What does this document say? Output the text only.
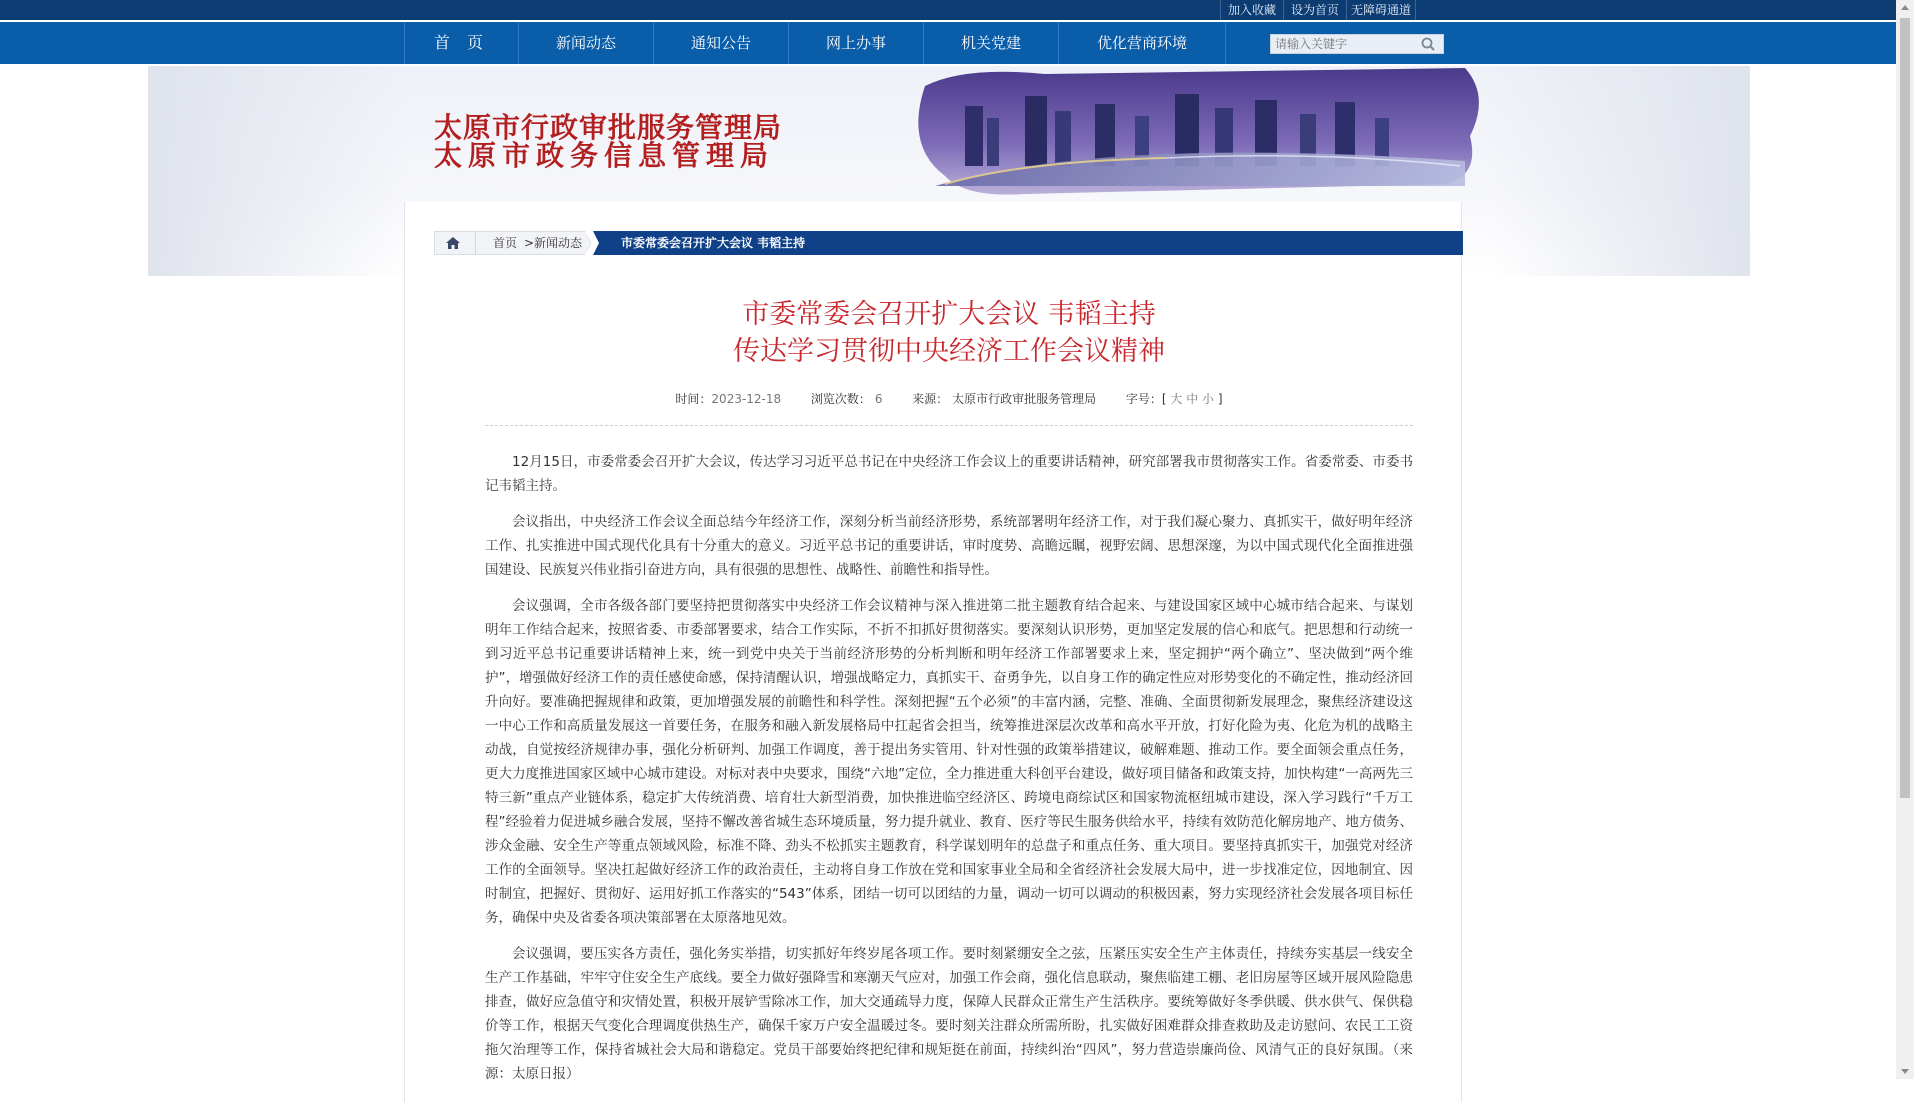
加入收藏	设为首页 无障碍通道
首 页	新闻动态	通知公告	网上办事	机关党建	优化营商环境
请输入关键字
太原市行政审批服务管理局
太原市政务信息管理局
首页 > 新闻动态	市委常委会召开扩大会议 韦韬主持
市委常委会召开扩大会议 韦韬主持
传达学习贯彻中央经济工作会议精神
时间：2023-12-18 浏览次数： 6 来源： 太原市行政审批服务管理局 字号：[ 大 中 小 ]

12月15日，市委常委会召开扩大会议，传达学习习近平总书记在中央经济工作会议上的重要讲话精神，研究部署我市贯彻落实工作。省委常委、市委书记韦韬主持。

会议指出，中央经济工作会议全面总结今年经济工作，深刻分析当前经济形势，系统部署明年经济工作，对于我们凝心聚力、真抓实干，做好明年经济工作、扎实推进中国式现代化具有十分重大的意义。习近平总书记的重要讲话，审时度势、高瞻远瞩，视野宏阔、思想深邃，为以中国式现代化全面推进强国建设、民族复兴伟业指引奋进方向，具有很强的思想性、战略性、前瞻性和指导性。

会议强调，全市各级各部门要坚持把贯彻落实中央经济工作会议精神与深入推进第二批主题教育结合起来、与建设国家区域中心城市结合起来、与谋划明年工作结合起来，按照省委、市委部署要求，结合工作实际，不折不扣抓好贯彻落实。要深刻认识形势，更加坚定发展的信心和底气。把思想和行动统一到习近平总书记重要讲话精神上来，统一到党中央关于当前经济形势的分析判断和明年经济工作部署要求上来，坚定拥护“两个确立”、坚决做到“两个维护”，增强做好经济工作的责任感使命感，保持清醒认识，增强战略定力，真抓实干、奋勇争先，以自身工作的确定性应对形势变化的不确定性，推动经济回升向好。要准确把握规律和政策，更加增强发展的前瞻性和科学性。深刻把握“五个必须”的丰富内涵，完整、准确、全面贯彻新发展理念，聚焦经济建设这一中心工作和高质量发展这一首要任务，在服务和融入新发展格局中扛起省会担当，统筹推进深层次改革和高水平开放，打好化险为夷、化危为机的战略主动战，自觉按经济规律办事，强化分析研判、加强工作调度，善于提出务实管用、针对性强的政策举措建议，破解难题、推动工作。要全面领会重点任务，更大力度推进国家区域中心城市建设。对标对表中央要求，围绕“六地”定位，全力推进重大科创平台建设，做好项目储备和政策支持，加快构建“一高两先三特三新”重点产业链体系，稳定扩大传统消费、培育壮大新型消费，加快推进临空经济区、跨境电商综试区和国家物流枢纽城市建设，深入学习践行“千万工程”经验着力促进城乡融合发展，坚持不懈改善省城生态环境质量，努力提升就业、教育、医疗等民生服务供给水平，持续有效防范化解房地产、地方债务、涉众金融、安全生产等重点领域风险，标准不降、劲头不松抓实主题教育，科学谋划明年的总盘子和重点任务、重大项目。要坚持真抓实干，加强党对经济工作的全面领导。坚决扛起做好经济工作的政治责任，主动将自身工作放在党和国家事业全局和全省经济社会发展大局中，进一步找准定位，因地制宜、因时制宜，把握好、贯彻好、运用好抓工作落实的“543”体系，团结一切可以团结的力量，调动一切可以调动的积极因素，努力实现经济社会发展各项目标任务，确保中央及省委各项决策部署在太原落地见效。

会议强调，要压实各方责任，强化务实举措，切实抓好年终岁尾各项工作。要时刻紧绷安全之弦，压紧压实安全生产主体责任，持续夯实基层一线安全生产工作基础，牢牢守住安全生产底线。要全力做好强降雪和寒潮天气应对，加强工作会商，强化信息联动，聚焦临建工棚、老旧房屋等区域开展风险隐患排查，做好应急值守和灾情处置，积极开展铲雪除冰工作，加大交通疏导力度，保障人民群众正常生产生活秩序。要统筹做好冬季供暖、供水供气、保供稳价等工作，根据天气变化合理调度供热生产，确保千家万户安全温暖过冬。要时刻关注群众所需所盼，扎实做好困难群众排查救助及走访慰问、农民工工资拖欠治理等工作，保持省城社会大局和谐稳定。党员干部要始终把纪律和规矩挺在前面，持续纠治“四风”，努力营造崇廉尚俭、风清气正的良好氛围。（来源：太原日报）
